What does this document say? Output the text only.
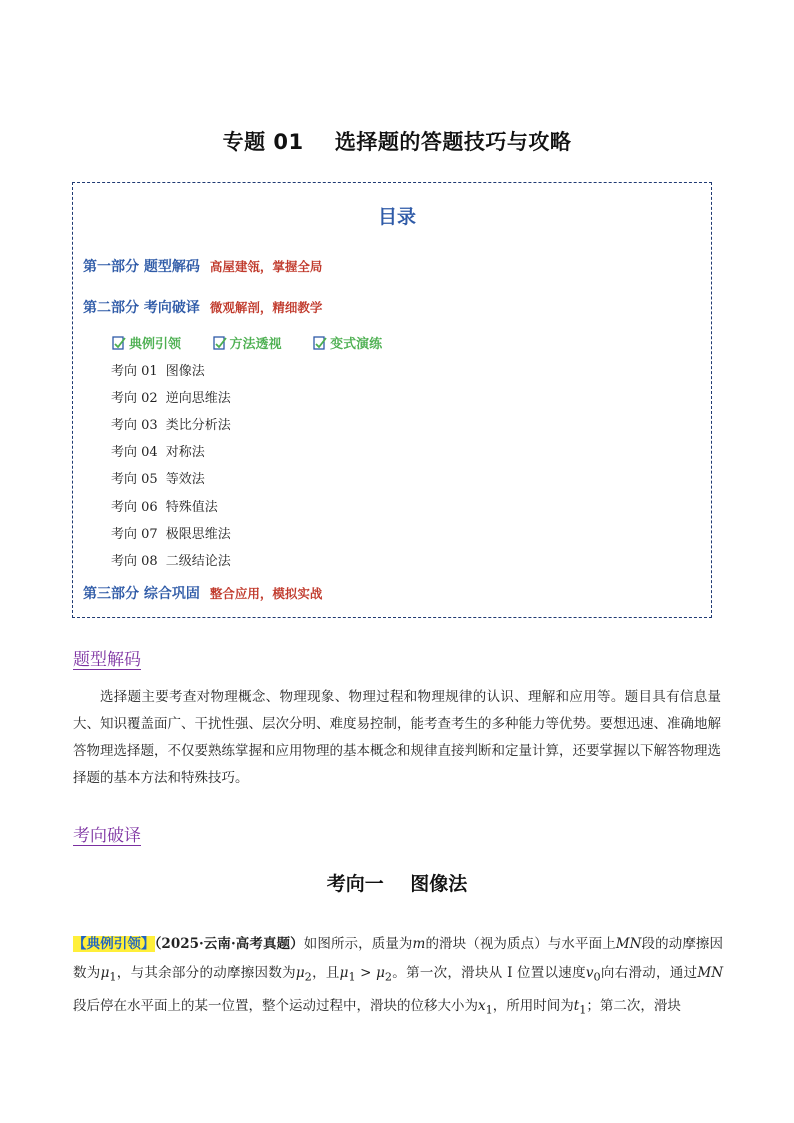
专题 01    选择题的答题技巧与攻略
目录
第一部分 题型解码 高屋建瓴，掌握全局
第二部分 考向破译 微观解剖，精细教学
典例引领
	方法透视
	变式演练
考向 01 图像法
考向 02 逆向思维法
考向 03 类比分析法
考向 04 对称法
考向 05 等效法
考向 06 特殊值法
考向 07 极限思维法
考向 08 二级结论法
第三部分 综合巩固 整合应用，模拟实战
题型解码
选择题主要考查对物理概念、物理现象、物理过程和物理规律的认识、理解和应用等。题目具有信息量大、知识覆盖面广、干扰性强、层次分明、难度易控制，能考查考生的多种能力等优势。要想迅速、准确地解答物理选择题，不仅要熟练掌握和应用物理的基本概念和规律直接判断和定量计算，还要掌握以下解答物理选择题的基本方法和特殊技巧。
考向破译
考向一    图像法
【典例引领】（2025·云南·高考真题）如图所示，质量为m的滑块（视为质点）与水平面上MN段的动摩擦因数为$\mu_1$，与其余部分的动摩擦因数为$\mu_2$，且$\mu_1 > \mu_2$。第一次，滑块从 I 位置以速度$v_0$向右滑动，通过MN段后停在水平面上的某一位置，整个运动过程中，滑块的位移大小为$x_1$，所用时间为$t_1$；第二次，滑块
